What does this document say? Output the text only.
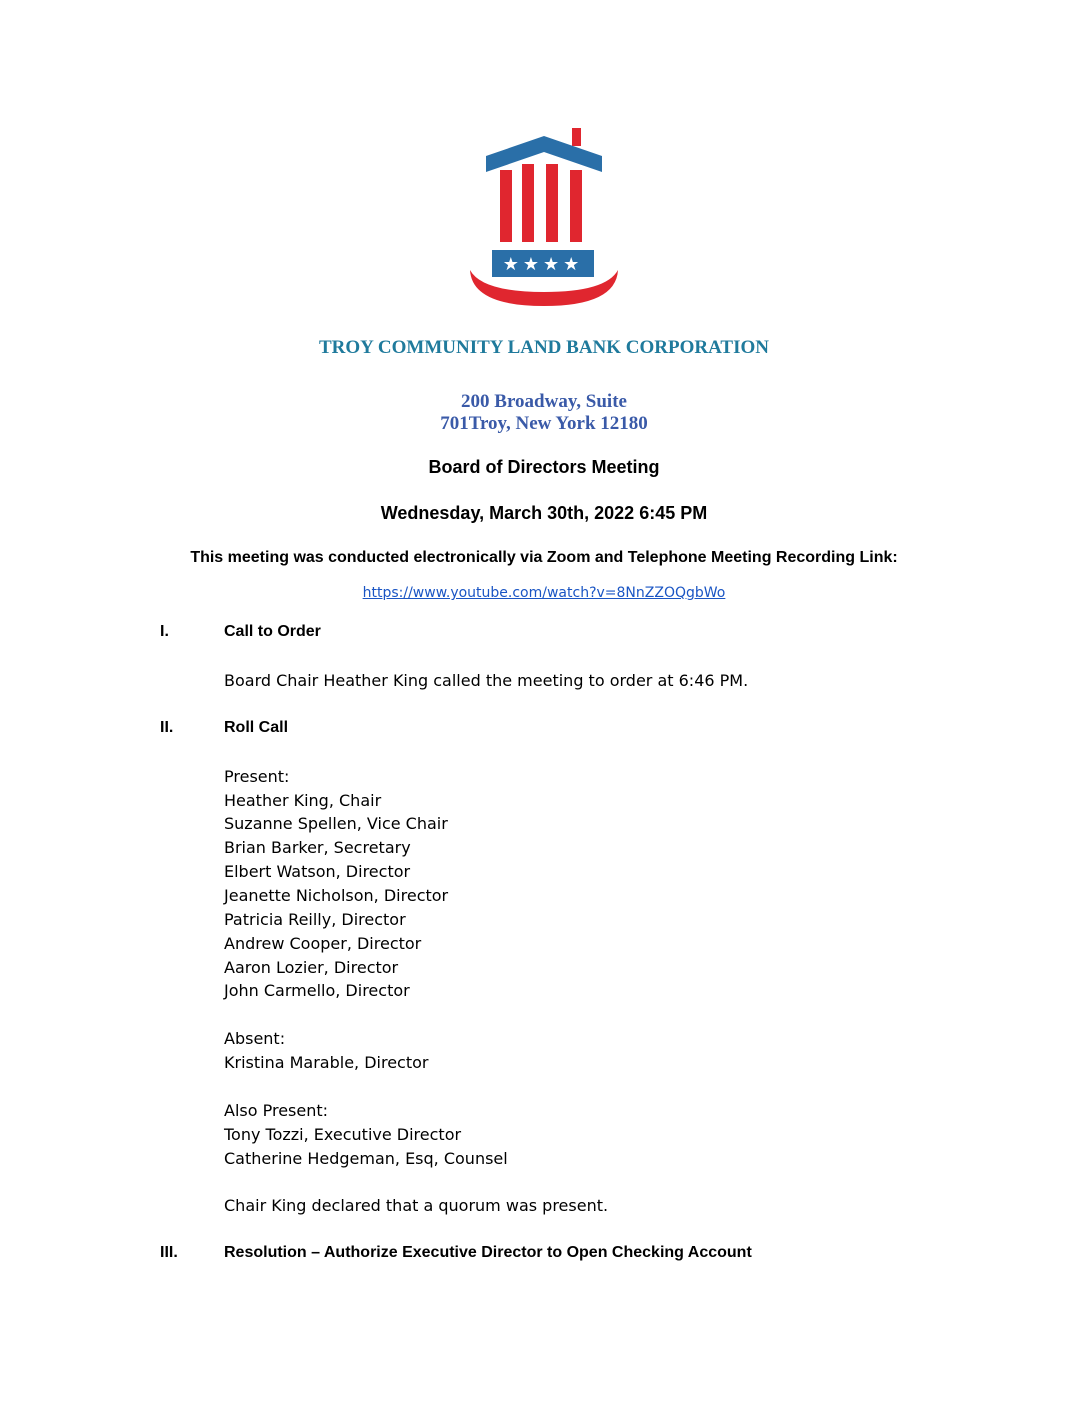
★★★★
TROY COMMUNITY LAND BANK CORPORATION
200 Broadway, Suite
701Troy, New York 12180
Board of Directors Meeting
Wednesday, March 30th, 2022 6:45 PM
This meeting was conducted electronically via Zoom and Telephone Meeting Recording Link:
https://www.youtube.com/watch?v=8NnZZOQgbWo
I.	Call to Order
Board Chair Heather King called the meeting to order at 6:46 PM.
II.	Roll Call
Present:
Heather King, Chair
Suzanne Spellen, Vice Chair
Brian Barker, Secretary
Elbert Watson, Director
Jeanette Nicholson, Director
Patricia Reilly, Director
Andrew Cooper, Director
Aaron Lozier, Director
John Carmello, Director
Absent:
Kristina Marable, Director
Also Present:
Tony Tozzi, Executive Director
Catherine Hedgeman, Esq, Counsel
Chair King declared that a quorum was present.
III.	Resolution – Authorize Executive Director to Open Checking Account
